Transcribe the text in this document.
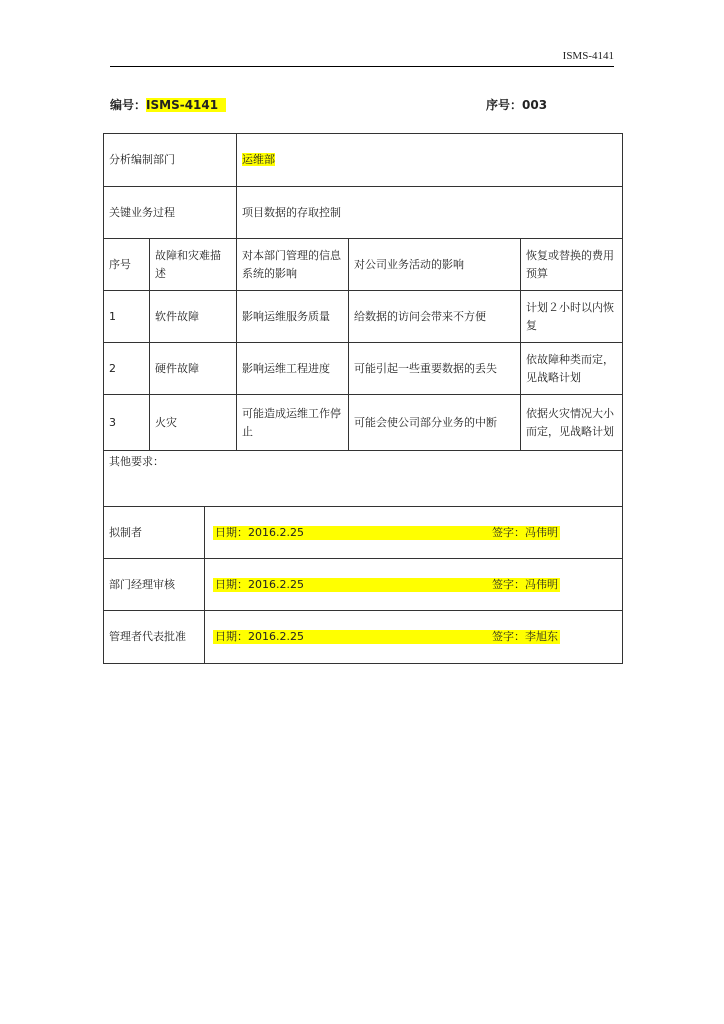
ISMS-4141
编号：ISMS-4141	序号：003
分析编制部门			运维部		
关键业务过程			项目数据的存取控制		
序号	故障和灾难描述		对本部门管理的信息系统的影响	对公司业务活动的影响	恢复或替换的费用预算
1	软件故障		影响运维服务质量	给数据的访问会带来不方便	计划２小时以内恢复
2	硬件故障		影响运维工程进度	可能引起一些重要数据的丢失	依故障种类而定，见战略计划
3	火灾		可能造成运维工作停止	可能会使公司部分业务的中断	依据火灾情况大小而定，见战略计划
其他要求：					
拟制者		日期：2016.2.25 签字：冯伟明			

部门经理审核		日期：2016.2.25 签字：冯伟明			

管理者代表批准		日期：2016.2.25 签字：李旭东			
